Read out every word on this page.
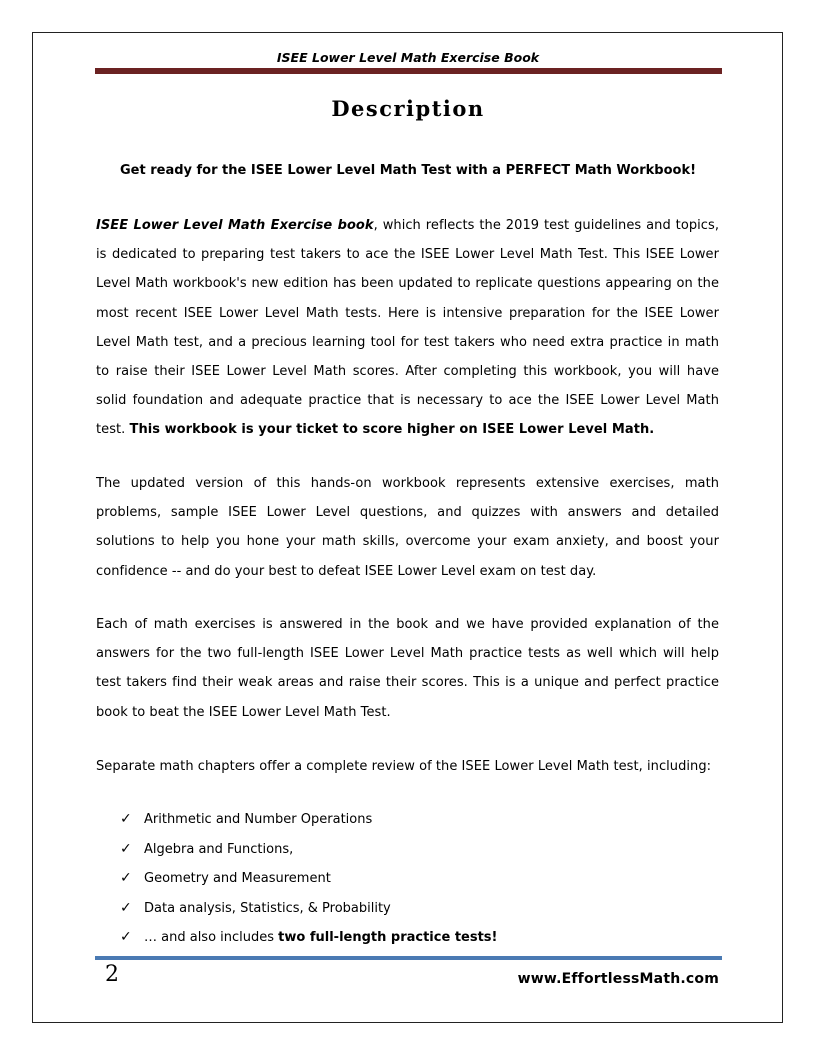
ISEE Lower Level Math Exercise Book
Description
Get ready for the ISEE Lower Level Math Test with a PERFECT Math Workbook!
ISEE Lower Level Math Exercise book, which reflects the 2019 test guidelines and topics, is dedicated to preparing test takers to ace the ISEE Lower Level Math Test. This ISEE Lower Level Math workbook's new edition has been updated to replicate questions appearing on the most recent ISEE Lower Level Math tests. Here is intensive preparation for the ISEE Lower Level Math test, and a precious learning tool for test takers who need extra practice in math to raise their ISEE Lower Level Math scores. After completing this workbook, you will have solid foundation and adequate practice that is necessary to ace the ISEE Lower Level Math test. This workbook is your ticket to score higher on ISEE Lower Level Math.
The updated version of this hands-on workbook represents extensive exercises, math problems, sample ISEE Lower Level questions, and quizzes with answers and detailed solutions to help you hone your math skills, overcome your exam anxiety, and boost your confidence -- and do your best to defeat ISEE Lower Level exam on test day.
Each of math exercises is answered in the book and we have provided explanation of the answers for the two full-length ISEE Lower Level Math practice tests as well which will help test takers find their weak areas and raise their scores. This is a unique and perfect practice book to beat the ISEE Lower Level Math Test.
Separate math chapters offer a complete review of the ISEE Lower Level Math test, including:
✓ Arithmetic and Number Operations
✓ Algebra and Functions,
✓ Geometry and Measurement
✓ Data analysis, Statistics, & Probability
✓ … and also includes two full-length practice tests!
2	www.EffortlessMath.com
